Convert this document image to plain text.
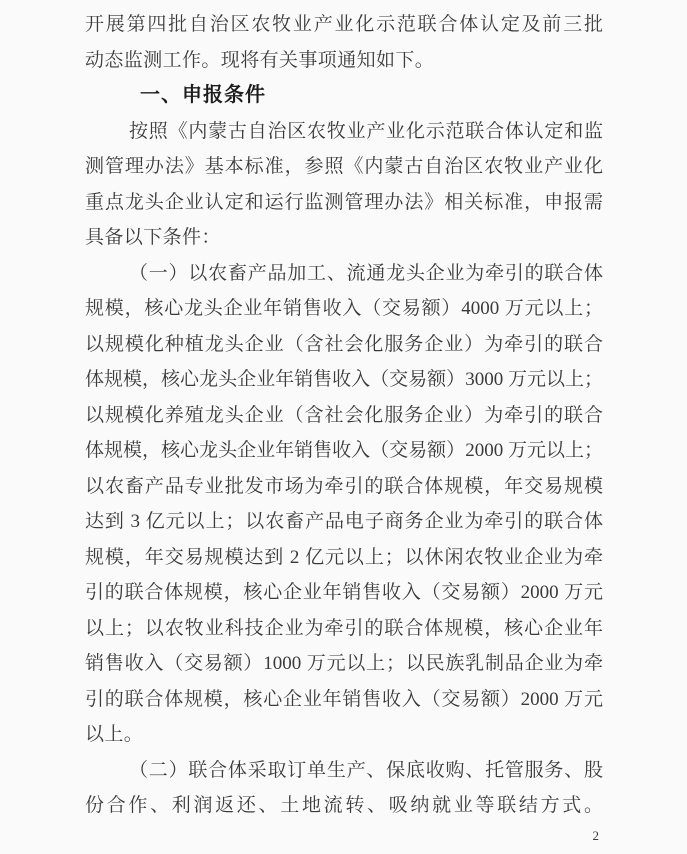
开展第四批自治区农牧业产业化示范联合体认定及前三批
动态监测工作。现将有关事项通知如下。
一、申报条件
按照《内蒙古自治区农牧业产业化示范联合体认定和监
测管理办法》基本标准，参照《内蒙古自治区农牧业产业化
重点龙头企业认定和运行监测管理办法》相关标准，申报需
具备以下条件：
（一）以农畜产品加工、流通龙头企业为牵引的联合体
规模，核心龙头企业年销售收入（交易额）4000 万元以上；
以规模化种植龙头企业（含社会化服务企业）为牵引的联合
体规模，核心龙头企业年销售收入（交易额）3000 万元以上；
以规模化养殖龙头企业（含社会化服务企业）为牵引的联合
体规模，核心龙头企业年销售收入（交易额）2000 万元以上；
以农畜产品专业批发市场为牵引的联合体规模，年交易规模
达到 3 亿元以上；以农畜产品电子商务企业为牵引的联合体
规模，年交易规模达到 2 亿元以上；以休闲农牧业企业为牵
引的联合体规模，核心企业年销售收入（交易额）2000 万元
以上；以农牧业科技企业为牵引的联合体规模，核心企业年
销售收入（交易额）1000 万元以上；以民族乳制品企业为牵
引的联合体规模，核心企业年销售收入（交易额）2000 万元
以上。
（二）联合体采取订单生产、保底收购、托管服务、股
份合作、利润返还、土地流转、吸纳就业等联结方式。
2
